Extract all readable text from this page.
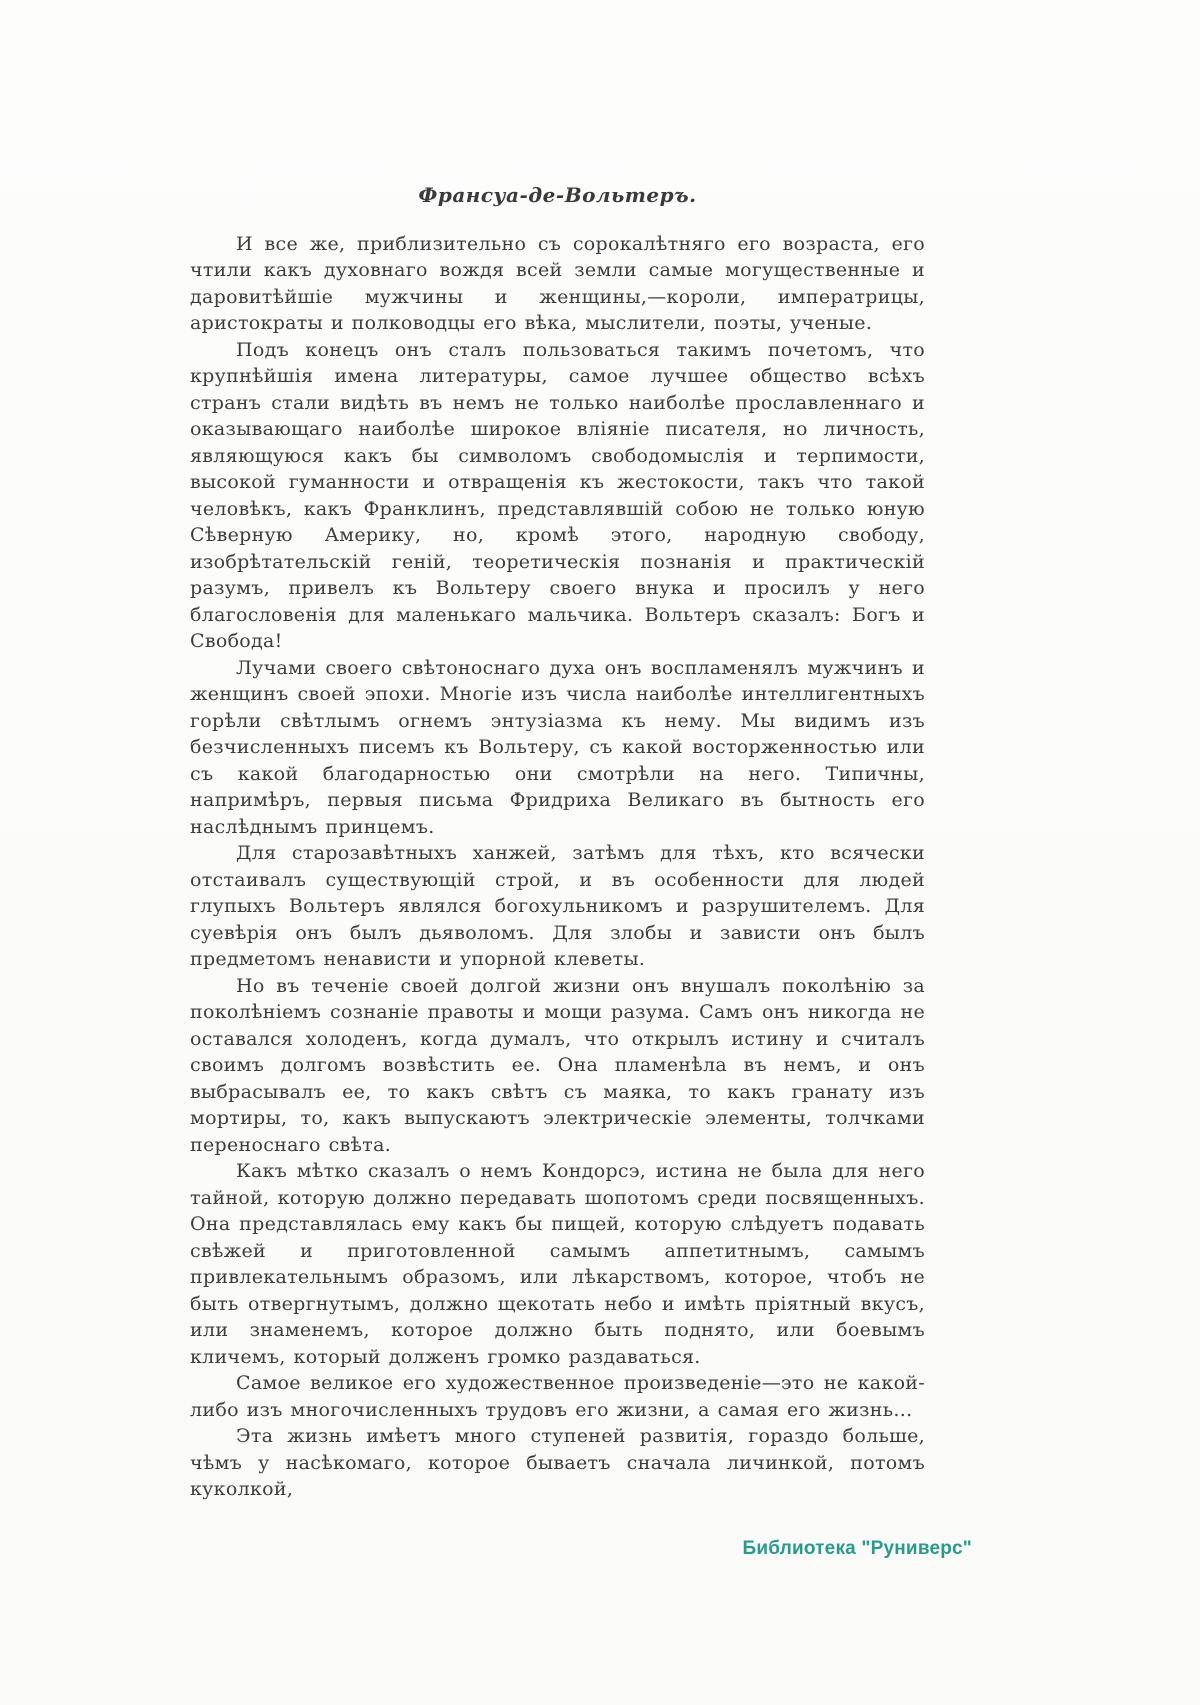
Франсуа-де-Вольтеръ.

И все же, приблизительно съ сорокалѣтняго его возраста, его чтили какъ духовнаго вождя всей земли самые могущественные и даровитѣйшіе мужчины и женщины,—короли, императрицы, аристократы и полководцы его вѣка, мыслители, поэты, ученые.

Подъ конецъ онъ сталъ пользоваться такимъ почетомъ, что крупнѣйшія имена литературы, самое лучшее общество всѣхъ странъ стали видѣть въ немъ не только наиболѣе прославленнаго и оказывающаго наиболѣе широкое вліяніе писателя, но личность, являющуюся какъ бы символомъ свободомыслія и терпимости, высокой гуманности и отвращенія къ жестокости, такъ что такой человѣкъ, какъ Франклинъ, представлявшій собою не только юную Сѣверную Америку, но, кромѣ этого, народную свободу, изобрѣтательскій геній, теоретическія познанія и практическій разумъ, привелъ къ Вольтеру своего внука и просилъ у него благословенія для маленькаго мальчика. Вольтеръ сказалъ: Богъ и Свобода!

Лучами своего свѣтоноснаго духа онъ воспламенялъ мужчинъ и женщинъ своей эпохи. Многіе изъ числа наиболѣе интеллигентныхъ горѣли свѣтлымъ огнемъ энтузіазма къ нему. Мы видимъ изъ безчисленныхъ писемъ къ Вольтеру, съ какой восторженностью или съ какой благодарностью они смотрѣли на него. Типичны, напримѣръ, первыя письма Фридриха Великаго въ бытность его наслѣднымъ принцемъ.

Для старозавѣтныхъ ханжей, затѣмъ для тѣхъ, кто всячески отстаивалъ существующій строй, и въ особенности для людей глупыхъ Вольтеръ являлся богохульникомъ и разрушителемъ. Для суевѣрія онъ былъ дьяволомъ. Для злобы и зависти онъ былъ предметомъ ненависти и упорной клеветы.

Но въ теченіе своей долгой жизни онъ внушалъ поколѣнію за поколѣніемъ сознаніе правоты и мощи разума. Самъ онъ никогда не оставался холоденъ, когда думалъ, что открылъ истину и считалъ своимъ долгомъ возвѣстить ее. Она пламенѣла въ немъ, и онъ выбрасывалъ ее, то какъ свѣтъ съ маяка, то какъ гранату изъ мортиры, то, какъ выпускаютъ электрическіе элементы, толчками переноснаго свѣта.

Какъ мѣтко сказалъ о немъ Кондорсэ, истина не была для него тайной, которую должно передавать шопотомъ среди посвященныхъ. Она представлялась ему какъ бы пищей, которую слѣдуетъ подавать свѣжей и приготовленной самымъ аппетитнымъ, самымъ привлекательнымъ образомъ, или лѣкарствомъ, которое, чтобъ не быть отвергнутымъ, должно щекотать небо и имѣть пріятный вкусъ, или знаменемъ, которое должно быть поднято, или боевымъ кличемъ, который долженъ громко раздаваться.

Самое великое его художественное произведеніе—это не какой-либо изъ многочисленныхъ трудовъ его жизни, а самая его жизнь...

Эта жизнь имѣетъ много ступеней развитія, гораздо больше, чѣмъ у насѣкомаго, которое бываетъ сначала личинкой, потомъ куколкой,

Библиотека "Руниверс"
